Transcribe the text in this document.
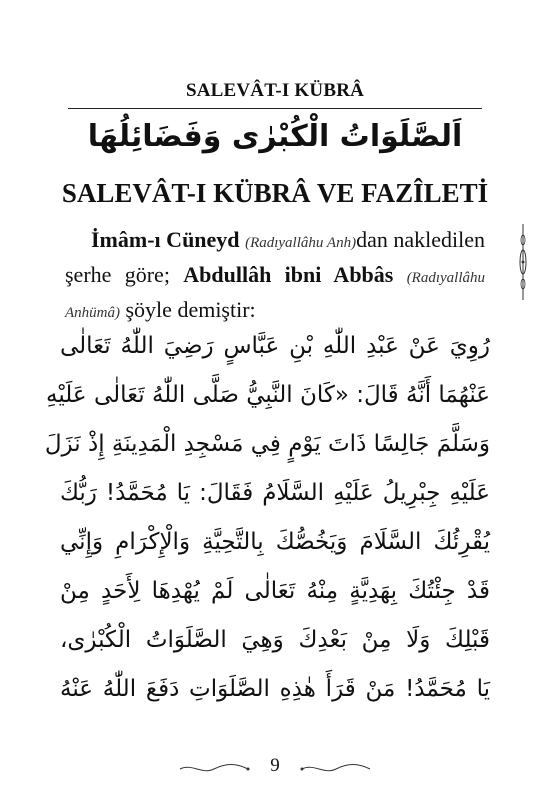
SALEVÂT-I KÜBRÂ
اَلصَّلَوَاتُ الْكُبْرٰى وَفَضَائِلُهَا
SALEVÂT-I KÜBRÂ VE FAZÎLETİ
İmâm-ı Cüneyd (Radıyallâhu Anh)dan nakledilen şerhe göre; Abdullâh ibni Abbâs (Radıyallâhu Anhümâ) şöyle demiştir:
رُوِيَ عَنْ عَبْدِ اللّٰهِ بْنِ عَبَّاسٍ رَضِيَ اللّٰهُ تَعَالٰى
عَنْهُمَا أَنَّهُ قَالَ: «كَانَ النَّبِيُّ صَلَّى اللّٰهُ تَعَالٰى عَلَيْهِ
وَسَلَّمَ جَالِسًا ذَاتَ يَوْمٍ فِي مَسْجِدِ الْمَدِينَةِ إِذْ نَزَلَ
عَلَيْهِ جِبْرِيلُ عَلَيْهِ السَّلَامُ فَقَالَ: يَا مُحَمَّدُ! رَبُّكَ
يُقْرِئُكَ السَّلَامَ وَيَخُصُّكَ بِالتَّحِيَّةِ وَالْإِكْرَامِ وَإِنِّي
قَدْ جِئْتُكَ بِهَدِيَّةٍ مِنْهُ تَعَالٰى لَمْ يُهْدِهَا لِأَحَدٍ مِنْ
قَبْلِكَ وَلَا مِنْ بَعْدِكَ وَهِيَ الصَّلَوَاتُ الْكُبْرٰى،
يَا مُحَمَّدُ! مَنْ قَرَأَ هٰذِهِ الصَّلَوَاتِ دَفَعَ اللّٰهُ عَنْهُ
9
